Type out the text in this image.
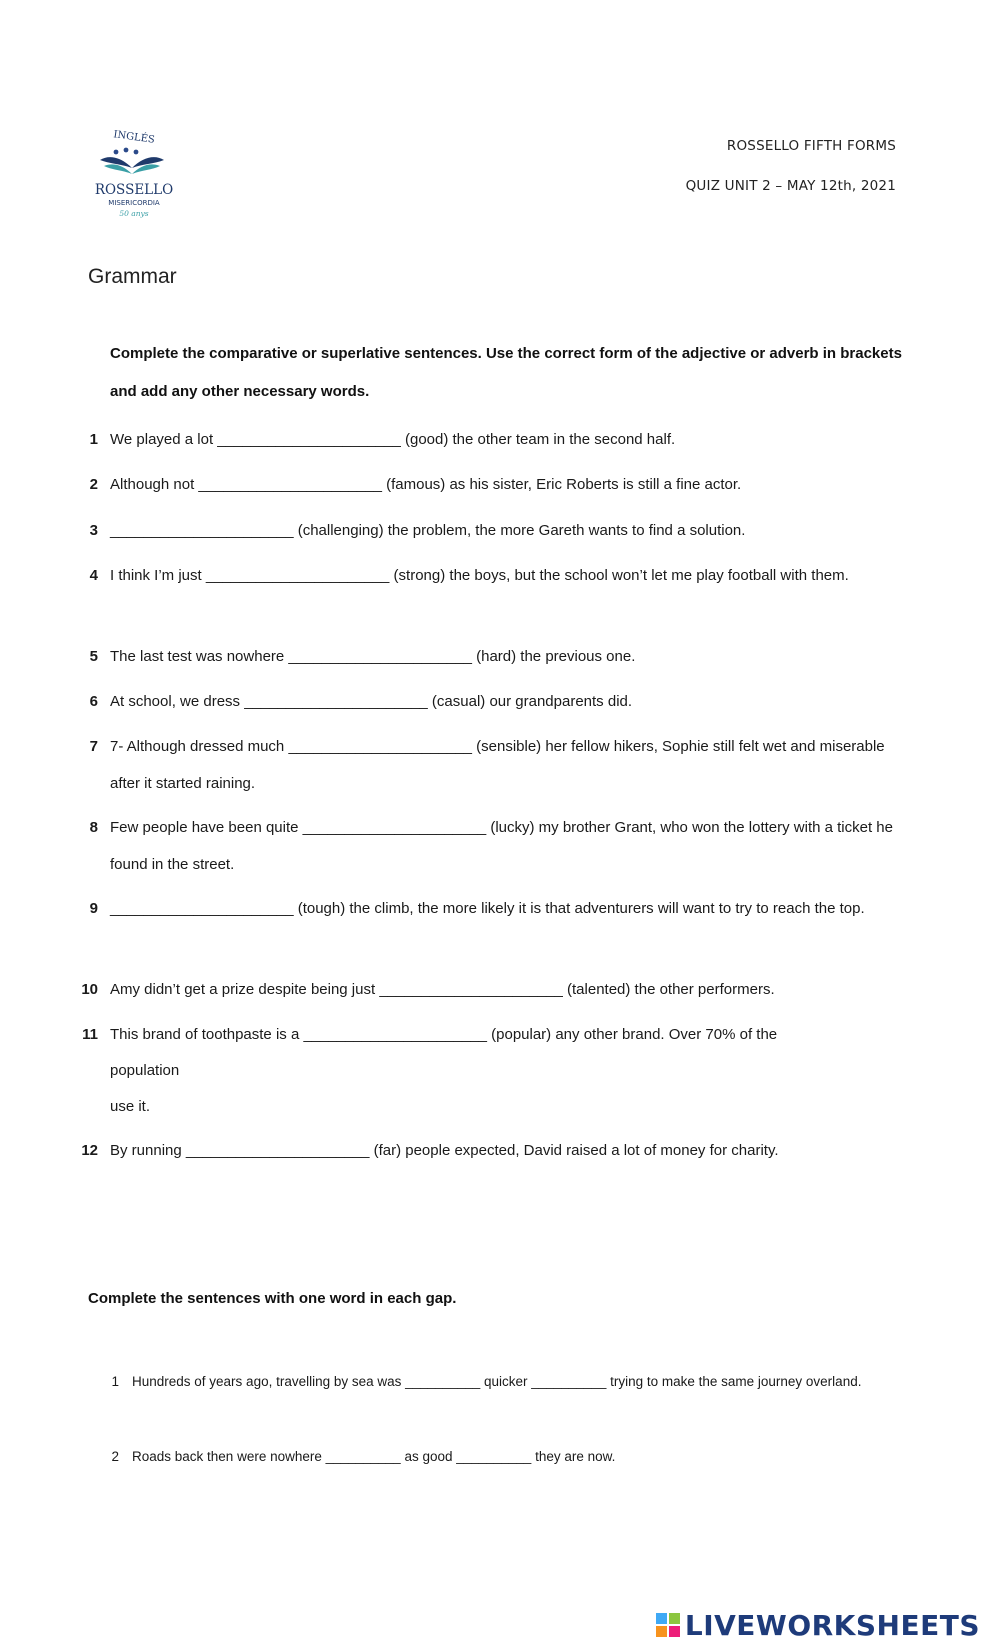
INGLÉS
ROSSELLO
MISERICORDIA
50 anys
ROSSELLO FIFTH FORMS
QUIZ UNIT 2 – MAY 12th, 2021
Grammar
Complete the comparative or superlative sentences. Use the correct form of the adjective or adverb in brackets and add any other necessary words.
1 We played a lot ______________________ (good) the other team in the second half.
2 Although not ______________________ (famous) as his sister, Eric Roberts is still a fine actor.
3 ______________________ (challenging) the problem, the more Gareth wants to find a solution.
4 I think I’m just ______________________ (strong) the boys, but the school won’t let me play football with them.
5 The last test was nowhere ______________________ (hard) the previous one.
6 At school, we dress ______________________ (casual) our grandparents did.
7 7- Although dressed much ______________________ (sensible) her fellow hikers, Sophie still felt wet and miserable after it started raining.
8 Few people have been quite ______________________ (lucky) my brother Grant, who won the lottery with a ticket he found in the street.
9 ______________________ (tough) the climb, the more likely it is that adventurers will want to try to reach the top.
10 Amy didn’t get a prize despite being just ______________________ (talented) the other performers.
11 This brand of toothpaste is a ______________________ (popular) any other brand. Over 70% of the
population
use it.
12 By running ______________________ (far) people expected, David raised a lot of money for charity.
Complete the sentences with one word in each gap.
1 Hundreds of years ago, travelling by sea was __________ quicker __________ trying to make the same journey overland.
2 Roads back then were nowhere __________ as good __________ they are now.
LIVEWORKSHEETS
